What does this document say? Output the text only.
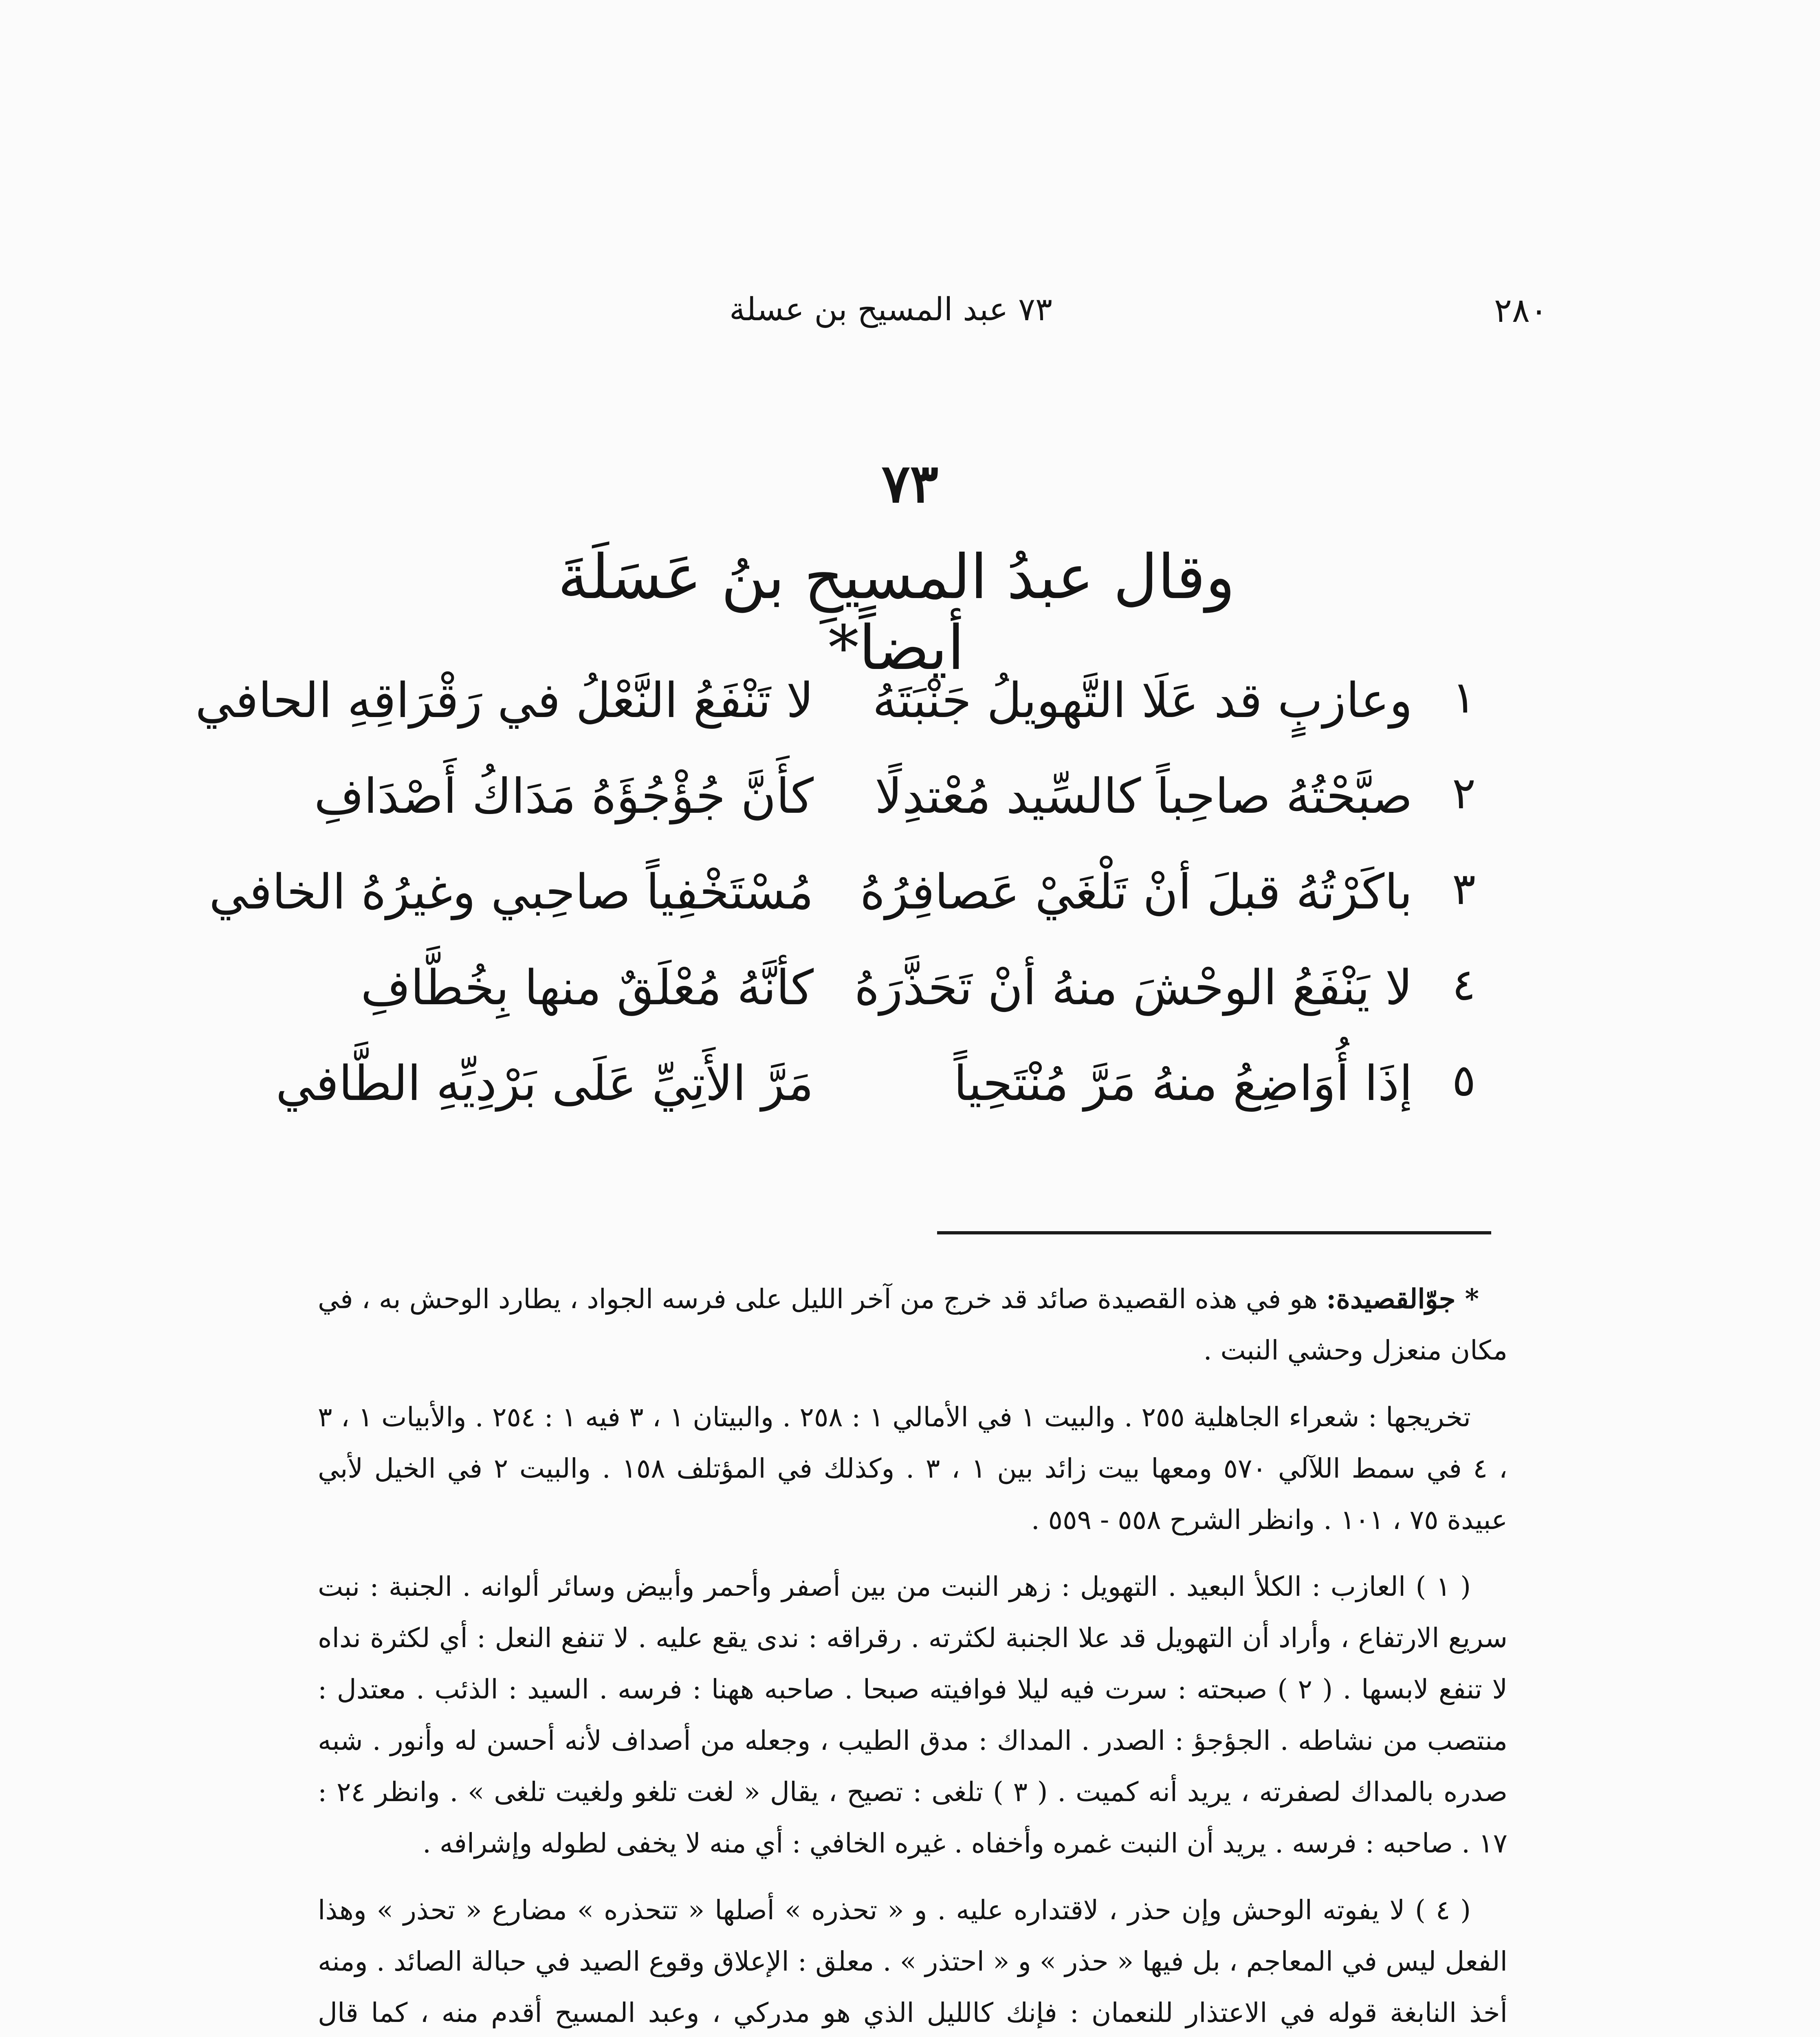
٢٨٠
٧٣ عبد المسيح بن عسلة
٧٣
وقال عبدُ المسيحِ بنُ عَسَلَةَ أيضاً*
١
وعازبٍ قد عَلَا التَّهويلُ جَنْبَتَهُ
لا تَنْفَعُ النَّعْلُ في رَقْرَاقِهِ الحافي
٢
صبَّحْتُهُ صاحِباً كالسِّيد مُعْتدِلًا
كأَنَّ جُؤْجُؤَهُ مَدَاكُ أَصْدَافِ
٣
باكَرْتُهُ قبلَ أنْ تَلْغَيْ عَصافِرُهُ
مُسْتَخْفِياً صاحِبي وغيرُهُ الخافي
٤
لا يَنْفَعُ الوحْشَ منهُ أنْ تَحَذَّرَهُ
كأنَّهُ مُعْلَقٌ منها بِخُطَّافِ
٥
إذَا أُوَاضِعُ منهُ مَرَّ مُنْتَحِياً
مَرَّ الأَتِيِّ عَلَى بَرْدِيِّهِ الطَّافي

* جوّالقصيدة: هو في هذه القصيدة صائد قد خرج من آخر الليل على فرسه الجواد ، يطارد الوحش به ، في مكان منعزل وحشي النبت .

تخريجها : شعراء الجاهلية ٢٥٥ . والبيت ١ في الأمالي ١ : ٢٥٨ . والبيتان ١ ، ٣ فيه ١ : ٢٥٤ . والأبيات ١ ، ٣ ، ٤ في سمط اللآلي ٥٧٠ ومعها بيت زائد بين ١ ، ٣ . وكذلك في المؤتلف ١٥٨ . والبيت ٢ في الخيل لأبي عبيدة ٧٥ ، ١٠١ . وانظر الشرح ٥٥٨ - ٥٥٩ .

( ١ ) العازب : الكلأ البعيد . التهويل : زهر النبت من بين أصفر وأحمر وأبيض وسائر ألوانه . الجنبة : نبت سريع الارتفاع ، وأراد أن التهويل قد علا الجنبة لكثرته . رقراقه : ندى يقع عليه . لا تنفع النعل : أي لكثرة نداه لا تنفع لابسها . ( ٢ ) صبحته : سرت فيه ليلا فوافيته صبحا . صاحبه ههنا : فرسه . السيد : الذئب . معتدل : منتصب من نشاطه . الجؤجؤ : الصدر . المداك : مدق الطيب ، وجعله من أصداف لأنه أحسن له وأنور . شبه صدره بالمداك لصفرته ، يريد أنه كميت . ( ٣ ) تلغى : تصيح ، يقال « لغت تلغو ولغيت تلغى » . وانظر ٢٤ : ١٧ . صاحبه : فرسه . يريد أن النبت غمره وأخفاه . غيره الخافي : أي منه لا يخفى لطوله وإشرافه .

( ٤ ) لا يفوته الوحش وإن حذر ، لاقتداره عليه . و « تحذره » أصلها « تتحذره » مضارع « تحذر » وهذا الفعل ليس في المعاجم ، بل فيها « حذر » و « احتذر » . معلق : الإعلاق وقوع الصيد في حبالة الصائد . ومنه أخذ النابغة قوله في الاعتذار للنعمان : فإنك كالليل الذي هو مدركي ، وعبد المسيح أقدم منه ، كما قال
